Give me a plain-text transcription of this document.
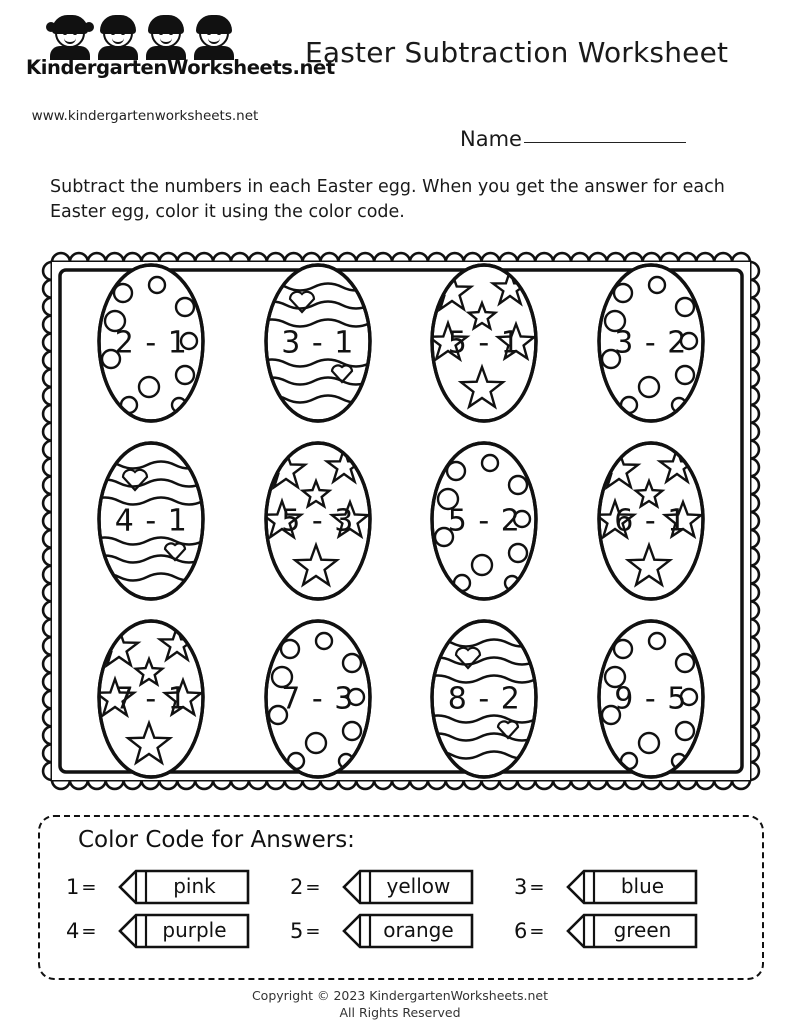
KindergartenWorksheets.net
www.kindergartenworksheets.net
Easter Subtraction Worksheet
Name
Subtract the numbers in each Easter egg. When you get the answer for each Easter egg, color it using the color code.
2 - 1	3 - 1	5 - 1	3 - 2
4 - 1	5 - 3	5 - 2	6 - 1
7 - 1	7 - 3	8 - 2	9 - 5
Color Code for Answers:
1 =	pink	2 =	yellow	3 =	blue
4 =	purple	5 =	orange	6 =	green
Copyright © 2023 KindergartenWorksheets.net
All Rights Reserved
